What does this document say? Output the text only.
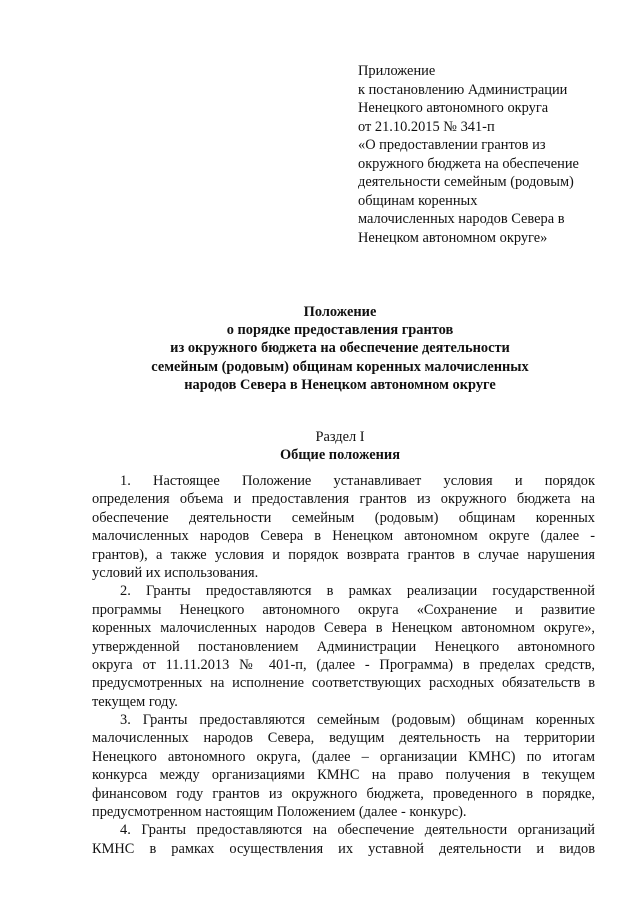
Приложение
к постановлению Администрации
Ненецкого автономного округа
от 21.10.2015 № 341-п
«О предоставлении грантов из
окружного бюджета на обеспечение
деятельности семейным (родовым)
общинам коренных
малочисленных народов Севера в
Ненецком автономном округе»
Положение
о порядке предоставления грантов
из окружного бюджета на обеспечение деятельности
семейным (родовым) общинам коренных малочисленных
народов Севера в Ненецком автономном округе
Раздел I
Общие положения
1. Настоящее Положение устанавливает условия и порядок
определения объема и предоставления грантов из окружного бюджета на
обеспечение деятельности семейным (родовым) общинам коренных
малочисленных народов Севера в Ненецком автономном округе (далее -
грантов), а также условия и порядок возврата грантов в случае нарушения
условий их использования.
2. Гранты предоставляются в рамках реализации государственной
программы Ненецкого автономного округа «Сохранение и развитие
коренных малочисленных народов Севера в Ненецком автономном округе»,
утвержденной постановлением Администрации Ненецкого автономного
округа от 11.11.2013 № 401-п, (далее - Программа) в пределах средств,
предусмотренных на исполнение соответствующих расходных обязательств в
текущем году.
3. Гранты предоставляются семейным (родовым) общинам коренных
малочисленных народов Севера, ведущим деятельность на территории
Ненецкого автономного округа, (далее – организации КМНС) по итогам
конкурса между организациями КМНС на право получения в текущем
финансовом году грантов из окружного бюджета, проведенного в порядке,
предусмотренном настоящим Положением (далее - конкурс).
4. Гранты предоставляются на обеспечение деятельности организаций
КМНС в рамках осуществления их уставной деятельности и видов
